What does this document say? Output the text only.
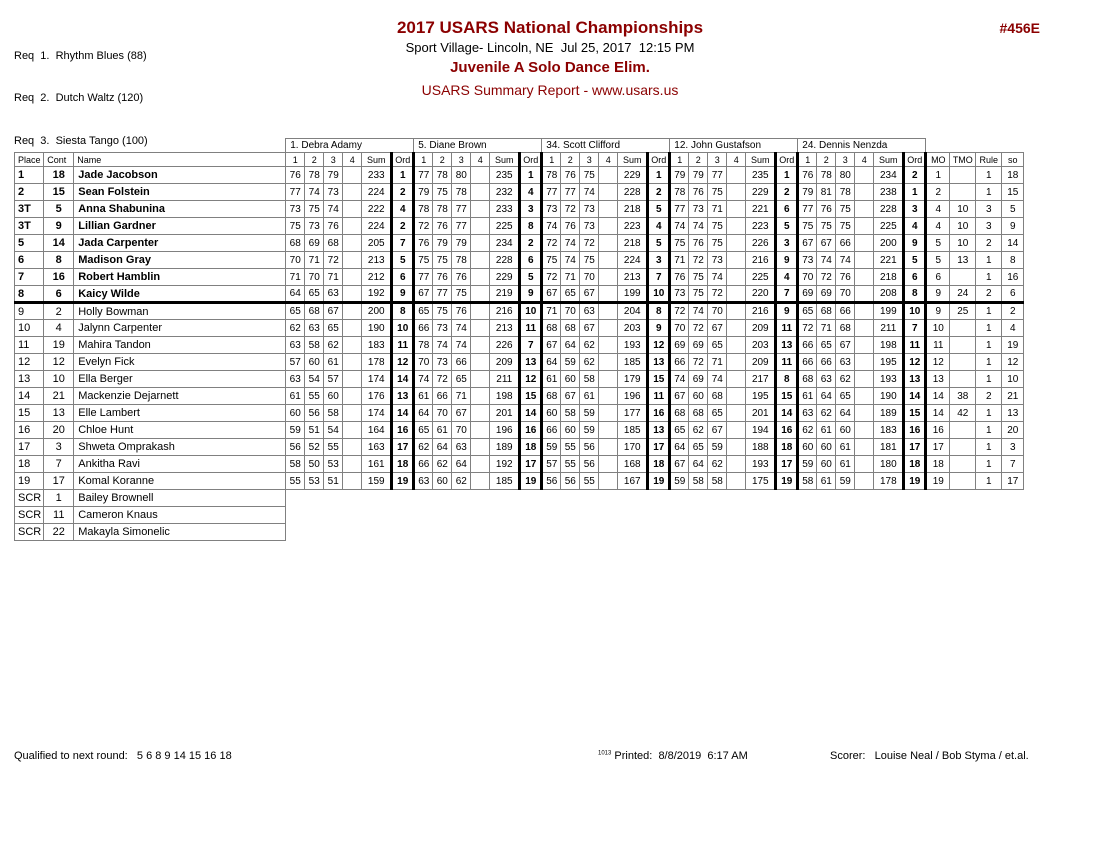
Req  1.  Rhythm Blues (88)

Req  2.  Dutch Waltz (120)

Req  3.  Siesta Tango (100)

2017 USARS National Championships
Sport Village- Lincoln, NE  Jul 25, 2017  12:15 PM
Juvenile A Solo Dance Elim.
USARS Summary Report - www.usars.us
#456E
			1. Debra Adamy						5. Diane Brown						34. Scott Clifford						12. John Gustafson						24. Dennis Nenzda									
Place	Cont	Name	1	2	3	4	Sum	Ord	1	2	3	4	Sum	Ord	1	2	3	4	Sum	Ord	1	2	3	4	Sum	Ord	1	2	3	4	Sum	Ord	MO	TMO	Rule	so
1	18	Jade Jacobson	76	78	79		233	1	77	78	80		235	1	78	76	75		229	1	79	79	77		235	1	76	78	80		234	2	1		1	18
2	15	Sean Folstein	77	74	73		224	2	79	75	78		232	4	77	77	74		228	2	78	76	75		229	2	79	81	78		238	1	2		1	15
3T	5	Anna Shabunina	73	75	74		222	4	78	78	77		233	3	73	72	73		218	5	77	73	71		221	6	77	76	75		228	3	4	10	3	5
3T	9	Lillian Gardner	75	73	76		224	2	72	76	77		225	8	74	76	73		223	4	74	74	75		223	5	75	75	75		225	4	4	10	3	9
5	14	Jada Carpenter	68	69	68		205	7	76	79	79		234	2	72	74	72		218	5	75	76	75		226	3	67	67	66		200	9	5	10	2	14
6	8	Madison Gray	70	71	72		213	5	75	75	78		228	6	75	74	75		224	3	71	72	73		216	9	73	74	74		221	5	5	13	1	8
7	16	Robert Hamblin	71	70	71		212	6	77	76	76		229	5	72	71	70		213	7	76	75	74		225	4	70	72	76		218	6	6		1	16
8	6	Kaicy Wilde	64	65	63		192	9	67	77	75		219	9	67	65	67		199	10	73	75	72		220	7	69	69	70		208	8	9	24	2	6
9	2	Holly Bowman	65	68	67		200	8	65	75	76		216	10	71	70	63		204	8	72	74	70		216	9	65	68	66		199	10	9	25	1	2
10	4	Jalynn Carpenter	62	63	65		190	10	66	73	74		213	11	68	68	67		203	9	70	72	67		209	11	72	71	68		211	7	10		1	4
11	19	Mahira Tandon	63	58	62		183	11	78	74	74		226	7	67	64	62		193	12	69	69	65		203	13	66	65	67		198	11	11		1	19
12	12	Evelyn Fick	57	60	61		178	12	70	73	66		209	13	64	59	62		185	13	66	72	71		209	11	66	66	63		195	12	12		1	12
13	10	Ella Berger	63	54	57		174	14	74	72	65		211	12	61	60	58		179	15	74	69	74		217	8	68	63	62		193	13	13		1	10
14	21	Mackenzie Dejarnett	61	55	60		176	13	61	66	71		198	15	68	67	61		196	11	67	60	68		195	15	61	64	65		190	14	14	38	2	21
15	13	Elle Lambert	60	56	58		174	14	64	70	67		201	14	60	58	59		177	16	68	68	65		201	14	63	62	64		189	15	14	42	1	13
16	20	Chloe Hunt	59	51	54		164	16	65	61	70		196	16	66	60	59		185	13	65	62	67		194	16	62	61	60		183	16	16		1	20
17	3	Shweta Omprakash	56	52	55		163	17	62	64	63		189	18	59	55	56		170	17	64	65	59		188	18	60	60	61		181	17	17		1	3
18	7	Ankitha Ravi	58	50	53		161	18	66	62	64		192	17	57	55	56		168	18	67	64	62		193	17	59	60	61		180	18	18		1	7
19	17	Komal Koranne	55	53	51		159	19	63	60	62		185	19	56	56	55		167	19	59	58	58		175	19	58	61	59		178	19	19		1	17
SCR	1	Bailey Brownell																																		
SCR	11	Cameron Knaus																																		
SCR	22	Makayla Simonelic																																		
Qualified to next round:   5 6 8 9 14 15 16 18	$^{1013}$ Printed:  8/8/2019  6:17 AM	Scorer:   Louise Neal / Bob Styma / et.al.
